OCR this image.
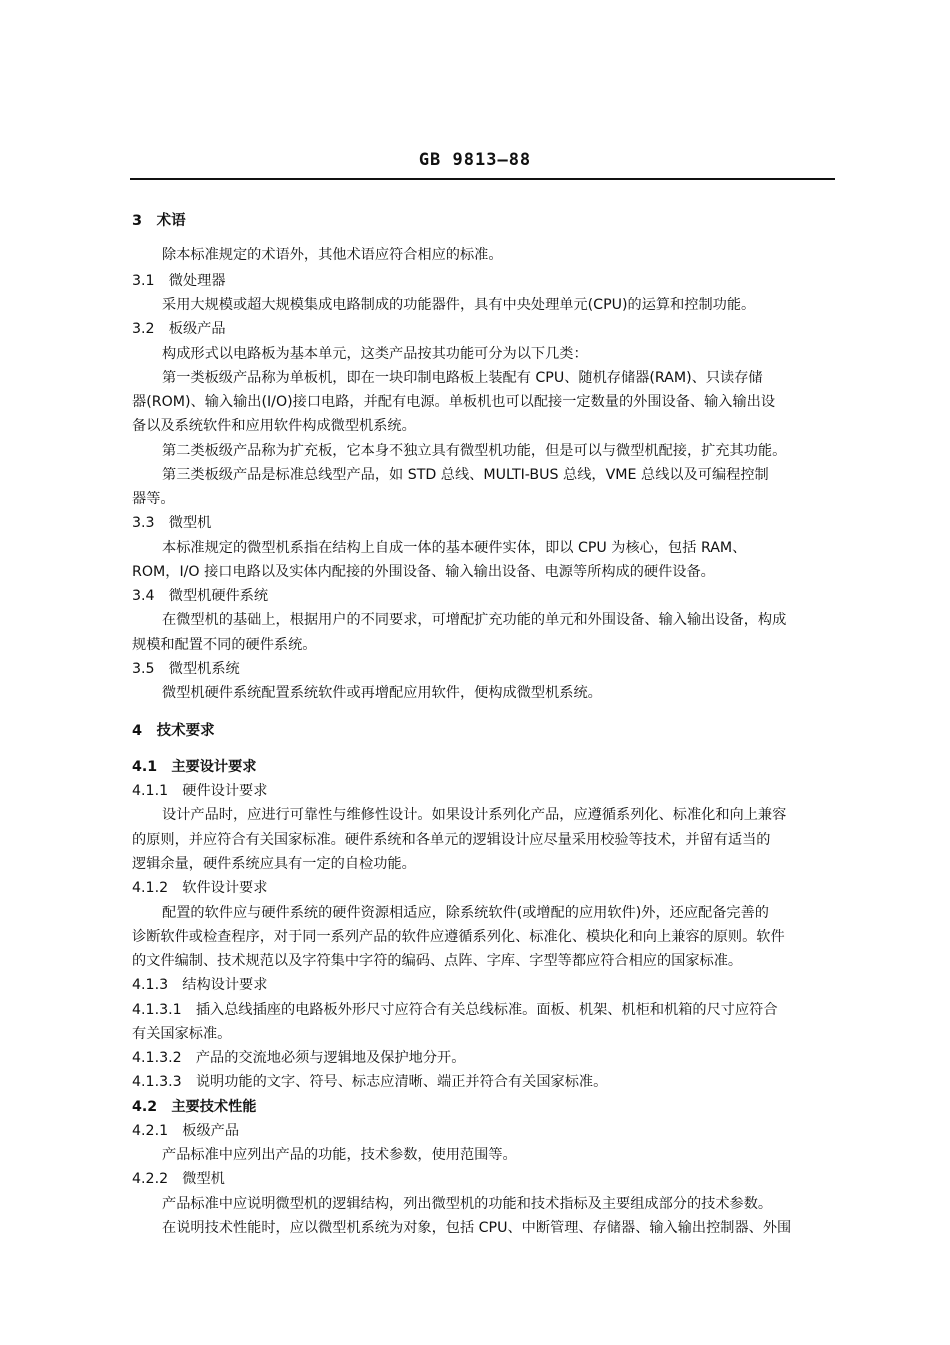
GB 9813—88
3　术语
除本标准规定的术语外，其他术语应符合相应的标准。
3.1　微处理器
采用大规模或超大规模集成电路制成的功能器件，具有中央处理单元(CPU)的运算和控制功能。
3.2　板级产品
构成形式以电路板为基本单元，这类产品按其功能可分为以下几类：
第一类板级产品称为单板机，即在一块印制电路板上装配有 CPU、随机存储器(RAM)、只读存储
器(ROM)、输入输出(I/O)接口电路，并配有电源。单板机也可以配接一定数量的外围设备、输入输出设
备以及系统软件和应用软件构成微型机系统。
第二类板级产品称为扩充板，它本身不独立具有微型机功能，但是可以与微型机配接，扩充其功能。
第三类板级产品是标准总线型产品，如 STD 总线、MULTI-BUS 总线，VME 总线以及可编程控制
器等。
3.3　微型机
本标准规定的微型机系指在结构上自成一体的基本硬件实体，即以 CPU 为核心，包括 RAM、
ROM，I/O 接口电路以及实体内配接的外围设备、输入输出设备、电源等所构成的硬件设备。
3.4　微型机硬件系统
在微型机的基础上，根据用户的不同要求，可增配扩充功能的单元和外围设备、输入输出设备，构成
规模和配置不同的硬件系统。
3.5　微型机系统
微型机硬件系统配置系统软件或再增配应用软件，便构成微型机系统。
4　技术要求
4.1　主要设计要求
4.1.1　硬件设计要求
设计产品时，应进行可靠性与维修性设计。如果设计系列化产品，应遵循系列化、标准化和向上兼容
的原则，并应符合有关国家标准。硬件系统和各单元的逻辑设计应尽量采用校验等技术，并留有适当的
逻辑余量，硬件系统应具有一定的自检功能。
4.1.2　软件设计要求
配置的软件应与硬件系统的硬件资源相适应，除系统软件(或增配的应用软件)外，还应配备完善的
诊断软件或检查程序，对于同一系列产品的软件应遵循系列化、标准化、模块化和向上兼容的原则。软件
的文件编制、技术规范以及字符集中字符的编码、点阵、字库、字型等都应符合相应的国家标准。
4.1.3　结构设计要求
4.1.3.1　插入总线插座的电路板外形尺寸应符合有关总线标准。面板、机架、机柜和机箱的尺寸应符合
有关国家标准。
4.1.3.2　产品的交流地必须与逻辑地及保护地分开。
4.1.3.3　说明功能的文字、符号、标志应清晰、端正并符合有关国家标准。
4.2　主要技术性能
4.2.1　板级产品
产品标准中应列出产品的功能，技术参数，使用范围等。
4.2.2　微型机
产品标准中应说明微型机的逻辑结构，列出微型机的功能和技术指标及主要组成部分的技术参数。
在说明技术性能时，应以微型机系统为对象，包括 CPU、中断管理、存储器、输入输出控制器、外围
